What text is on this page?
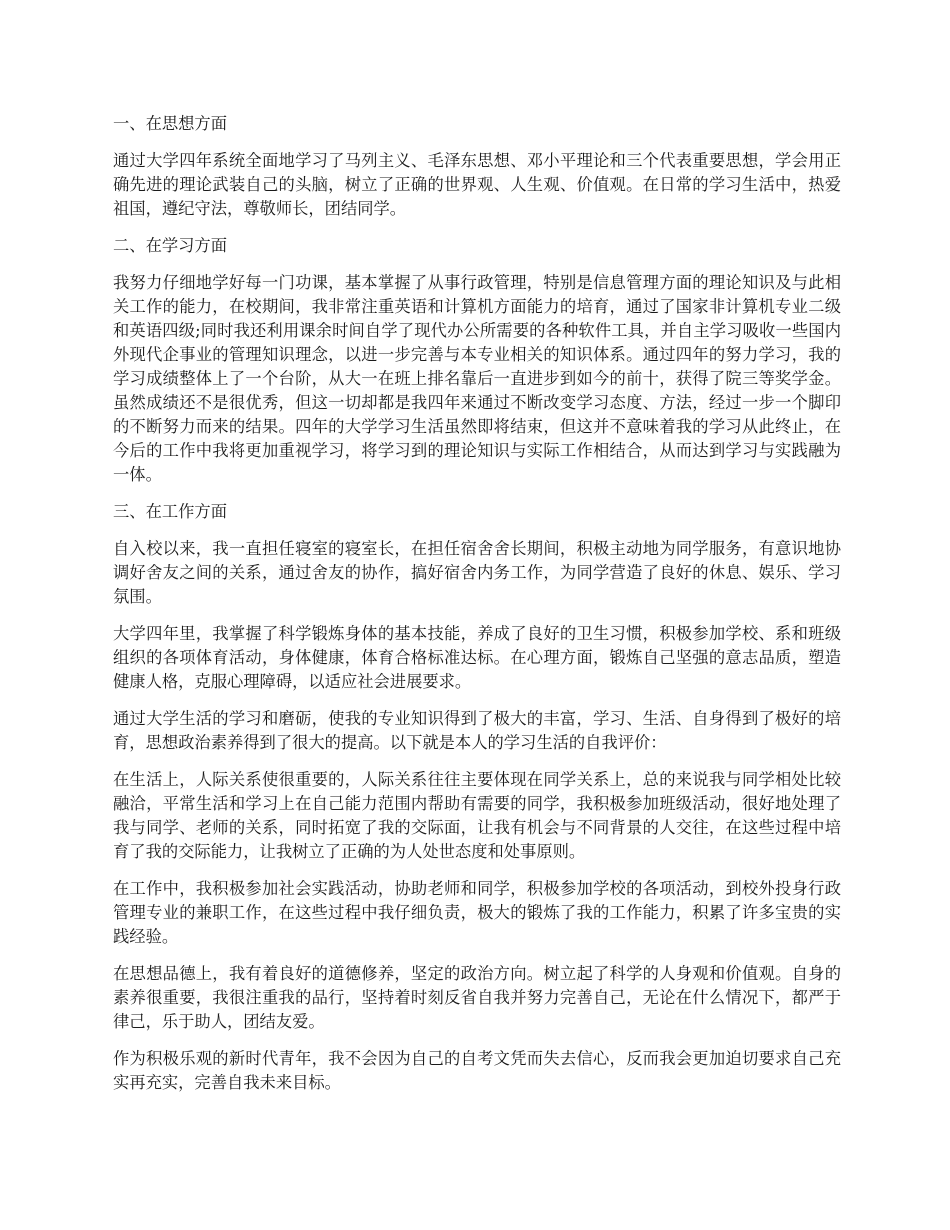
一、在思想方面
通过大学四年系统全面地学习了马列主义、毛泽东思想、邓小平理论和三个代表重要思想，学会用正确先进的理论武装自己的头脑，树立了正确的世界观、人生观、价值观。在日常的学习生活中，热爱祖国，遵纪守法，尊敬师长，团结同学。
二、在学习方面
我努力仔细地学好每一门功课，基本掌握了从事行政管理，特别是信息管理方面的理论知识及与此相关工作的能力，在校期间，我非常注重英语和计算机方面能力的培育，通过了国家非计算机专业二级和英语四级;同时我还利用课余时间自学了现代办公所需要的各种软件工具，并自主学习吸收一些国内外现代企事业的管理知识理念，以进一步完善与本专业相关的知识体系。通过四年的努力学习，我的学习成绩整体上了一个台阶，从大一在班上排名靠后一直进步到如今的前十，获得了院三等奖学金。虽然成绩还不是很优秀，但这一切却都是我四年来通过不断改变学习态度、方法，经过一步一个脚印的不断努力而来的结果。四年的大学学习生活虽然即将结束，但这并不意味着我的学习从此终止，在今后的工作中我将更加重视学习，将学习到的理论知识与实际工作相结合，从而达到学习与实践融为一体。
三、在工作方面
自入校以来，我一直担任寝室的寝室长，在担任宿舍舍长期间，积极主动地为同学服务，有意识地协调好舍友之间的关系，通过舍友的协作，搞好宿舍内务工作，为同学营造了良好的休息、娱乐、学习氛围。
大学四年里，我掌握了科学锻炼身体的基本技能，养成了良好的卫生习惯，积极参加学校、系和班级组织的各项体育活动，身体健康，体育合格标准达标。在心理方面，锻炼自己坚强的意志品质，塑造健康人格，克服心理障碍，以适应社会进展要求。
通过大学生活的学习和磨砺，使我的专业知识得到了极大的丰富，学习、生活、自身得到了极好的培育，思想政治素养得到了很大的提高。以下就是本人的学习生活的自我评价：
在生活上，人际关系使很重要的，人际关系往往主要体现在同学关系上，总的来说我与同学相处比较融洽，平常生活和学习上在自己能力范围内帮助有需要的同学，我积极参加班级活动，很好地处理了我与同学、老师的关系，同时拓宽了我的交际面，让我有机会与不同背景的人交往，在这些过程中培育了我的交际能力，让我树立了正确的为人处世态度和处事原则。
在工作中，我积极参加社会实践活动，协助老师和同学，积极参加学校的各项活动，到校外投身行政管理专业的兼职工作，在这些过程中我仔细负责，极大的锻炼了我的工作能力，积累了许多宝贵的实践经验。
在思想品德上，我有着良好的道德修养，坚定的政治方向。树立起了科学的人身观和价值观。自身的素养很重要，我很注重我的品行，坚持着时刻反省自我并努力完善自己，无论在什么情况下，都严于律己，乐于助人，团结友爱。
作为积极乐观的新时代青年，我不会因为自己的自考文凭而失去信心，反而我会更加迫切要求自己充实再充实，完善自我未来目标。
